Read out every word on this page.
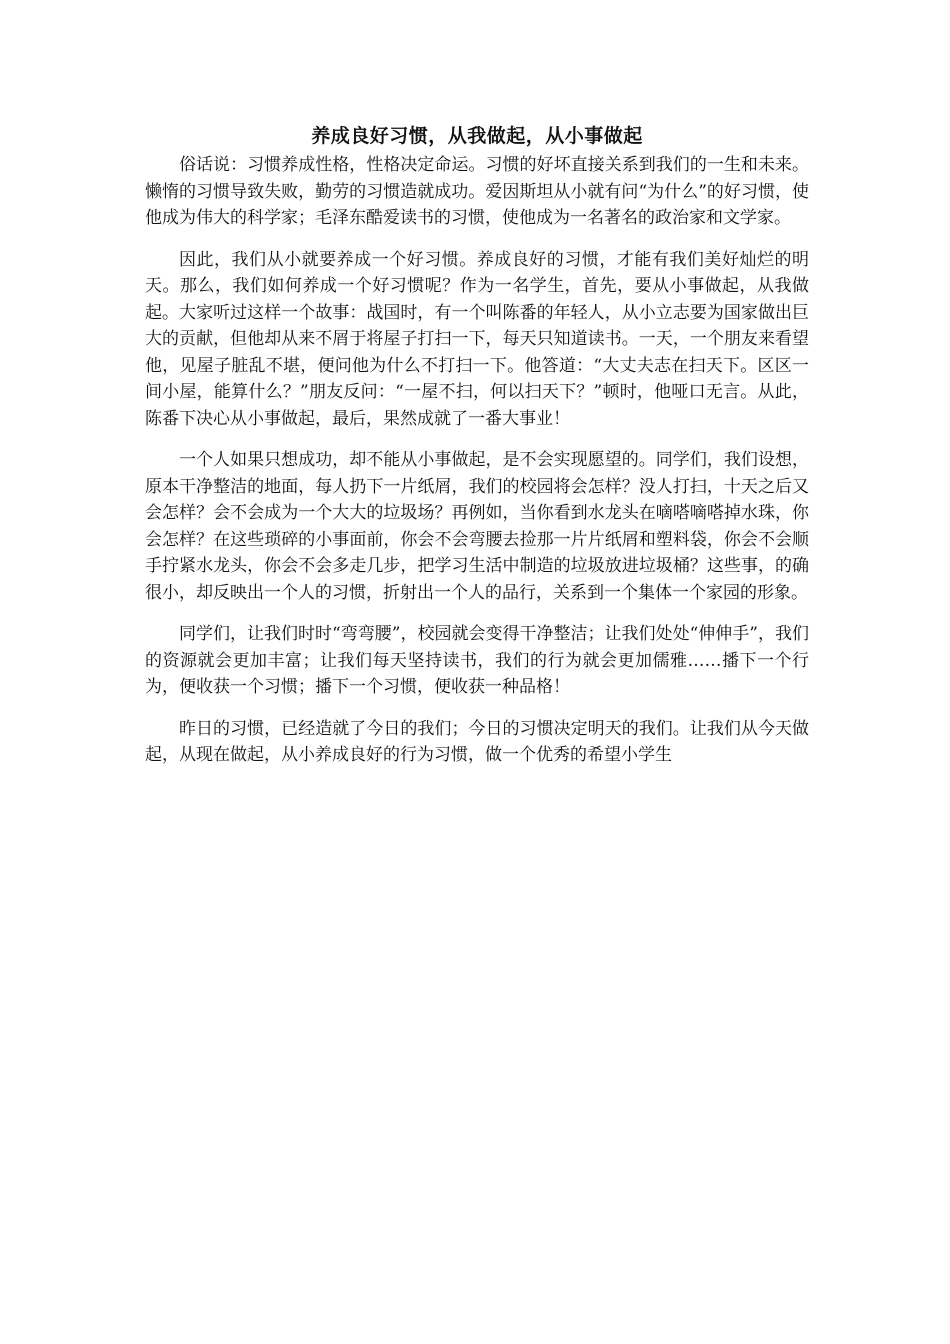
养成良好习惯，从我做起，从小事做起

俗话说：习惯养成性格，性格决定命运。习惯的好坏直接关系到我们的一生和未来。懒惰的习惯导致失败，勤劳的习惯造就成功。爱因斯坦从小就有问“为什么”的好习惯，使他成为伟大的科学家；毛泽东酷爱读书的习惯，使他成为一名著名的政治家和文学家。

因此，我们从小就要养成一个好习惯。养成良好的习惯，才能有我们美好灿烂的明天。那么，我们如何养成一个好习惯呢？作为一名学生，首先，要从小事做起，从我做起。大家听过这样一个故事：战国时，有一个叫陈番的年轻人，从小立志要为国家做出巨大的贡献，但他却从来不屑于将屋子打扫一下，每天只知道读书。一天，一个朋友来看望他，见屋子脏乱不堪，便问他为什么不打扫一下。他答道：“大丈夫志在扫天下。区区一间小屋，能算什么？”朋友反问：“一屋不扫，何以扫天下？”顿时，他哑口无言。从此，陈番下决心从小事做起，最后，果然成就了一番大事业！

一个人如果只想成功，却不能从小事做起，是不会实现愿望的。同学们，我们设想，原本干净整洁的地面，每人扔下一片纸屑，我们的校园将会怎样？没人打扫，十天之后又会怎样？会不会成为一个大大的垃圾场？再例如，当你看到水龙头在嘀嗒嘀嗒掉水珠，你会怎样？在这些琐碎的小事面前，你会不会弯腰去捡那一片片纸屑和塑料袋，你会不会顺手拧紧水龙头，你会不会多走几步，把学习生活中制造的垃圾放进垃圾桶？这些事，的确很小，却反映出一个人的习惯，折射出一个人的品行，关系到一个集体一个家园的形象。

同学们，让我们时时“弯弯腰”，校园就会变得干净整洁；让我们处处“伸伸手”，我们的资源就会更加丰富；让我们每天坚持读书，我们的行为就会更加儒雅……播下一个行为，便收获一个习惯；播下一个习惯，便收获一种品格！

昨日的习惯，已经造就了今日的我们；今日的习惯决定明天的我们。让我们从今天做起，从现在做起，从小养成良好的行为习惯，做一个优秀的希望小学生
